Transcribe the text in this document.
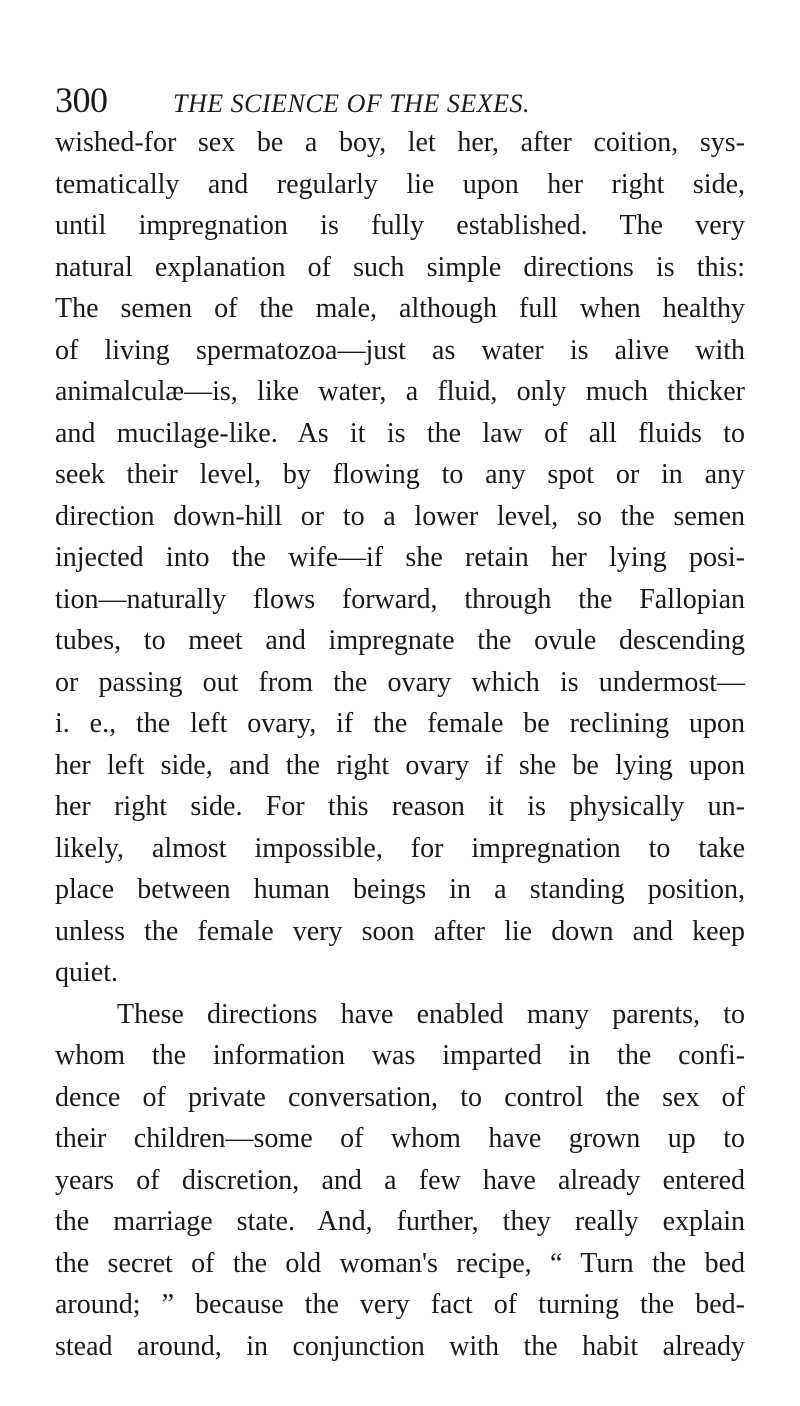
300	THE SCIENCE OF THE SEXES.
wished-for sex be a boy, let her, after coition, sys-
tematically and regularly lie upon her right side,
until impregnation is fully established. The very
natural explanation of such simple directions is this:
The semen of the male, although full when healthy
of living spermatozoa—just as water is alive with
animalculæ—is, like water, a fluid, only much thicker
and mucilage-like. As it is the law of all fluids to
seek their level, by flowing to any spot or in any
direction down-hill or to a lower level, so the semen
injected into the wife—if she retain her lying posi-
tion—naturally flows forward, through the Fallopian
tubes, to meet and impregnate the ovule descending
or passing out from the ovary which is undermost—
i. e., the left ovary, if the female be reclining upon
her left side, and the right ovary if she be lying upon
her right side. For this reason it is physically un-
likely, almost impossible, for impregnation to take
place between human beings in a standing position,
unless the female very soon after lie down and keep
quiet.
These directions have enabled many parents, to
whom the information was imparted in the confi-
dence of private conversation, to control the sex of
their children—some of whom have grown up to
years of discretion, and a few have already entered
the marriage state. And, further, they really explain
the secret of the old woman's recipe, “ Turn the bed
around; ” because the very fact of turning the bed-
stead around, in conjunction with the habit already
